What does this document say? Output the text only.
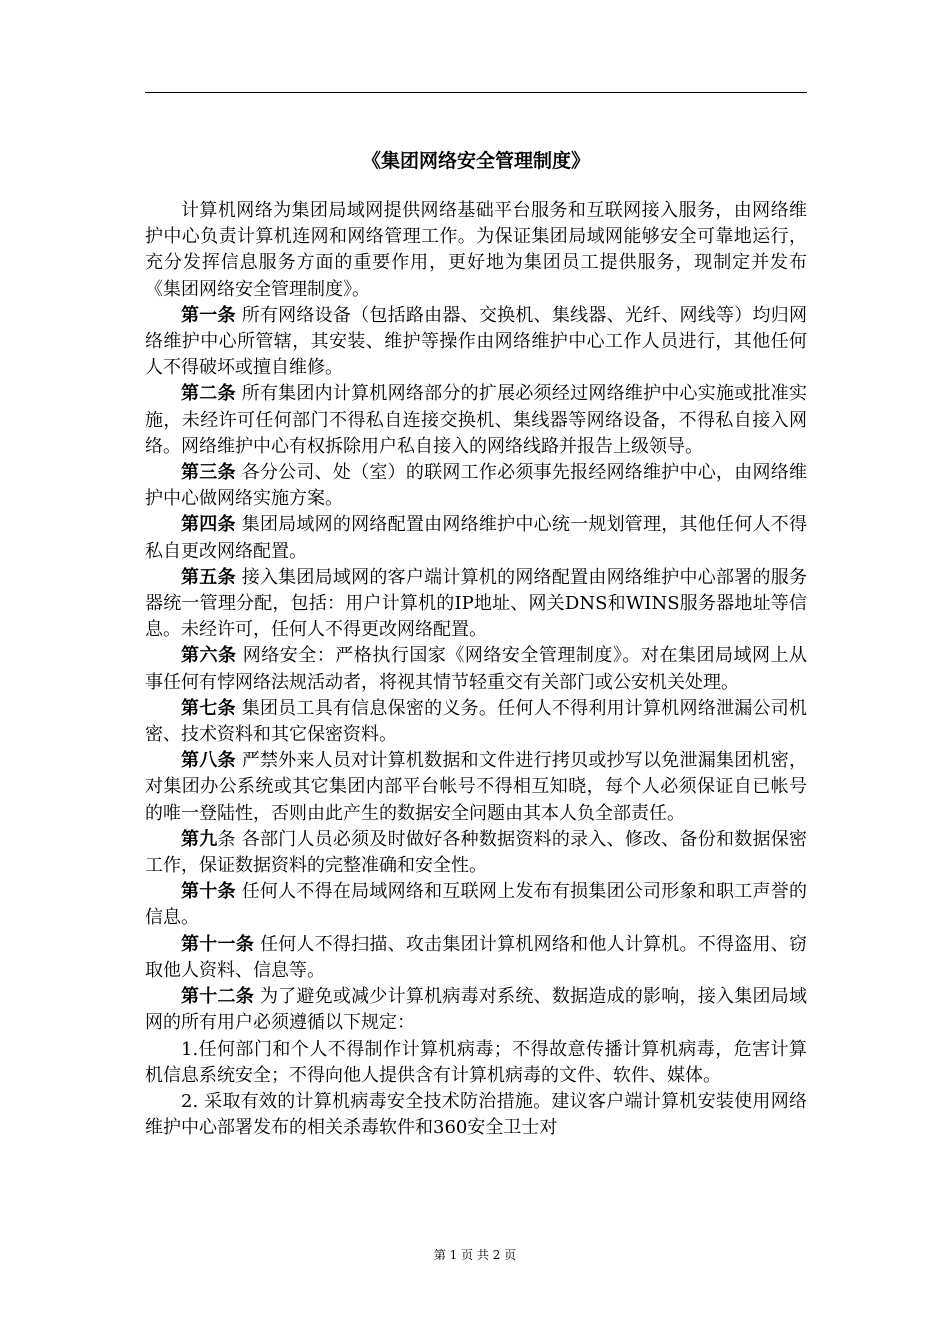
《集团网络安全管理制度》

计算机网络为集团局域网提供网络基础平台服务和互联网接入服务，由网络维护中心负责计算机连网和网络管理工作。为保证集团局域网能够安全可靠地运行，充分发挥信息服务方面的重要作用，更好地为集团员工提供服务，现制定并发布《集团网络安全管理制度》。

第一条 所有网络设备（包括路由器、交换机、集线器、光纤、网线等）均归网络维护中心所管辖，其安装、维护等操作由网络维护中心工作人员进行，其他任何人不得破坏或擅自维修。

第二条 所有集团内计算机网络部分的扩展必须经过网络维护中心实施或批准实施，未经许可任何部门不得私自连接交换机、集线器等网络设备，不得私自接入网络。网络维护中心有权拆除用户私自接入的网络线路并报告上级领导。

第三条 各分公司、处（室）的联网工作必须事先报经网络维护中心，由网络维护中心做网络实施方案。

第四条 集团局域网的网络配置由网络维护中心统一规划管理，其他任何人不得私自更改网络配置。

第五条 接入集团局域网的客户端计算机的网络配置由网络维护中心部署的服务器统一管理分配，包括：用户计算机的IP地址、网关DNS和WINS服务器地址等信息。未经许可，任何人不得更改网络配置。

第六条 网络安全：严格执行国家《网络安全管理制度》。对在集团局域网上从事任何有悖网络法规活动者，将视其情节轻重交有关部门或公安机关处理。

第七条 集团员工具有信息保密的义务。任何人不得利用计算机网络泄漏公司机密、技术资料和其它保密资料。

第八条 严禁外来人员对计算机数据和文件进行拷贝或抄写以免泄漏集团机密，对集团办公系统或其它集团内部平台帐号不得相互知晓，每个人必须保证自已帐号的唯一登陆性，否则由此产生的数据安全问题由其本人负全部责任。

第九条 各部门人员必须及时做好各种数据资料的录入、修改、备份和数据保密工作，保证数据资料的完整准确和安全性。

第十条 任何人不得在局域网络和互联网上发布有损集团公司形象和职工声誉的信息。

第十一条 任何人不得扫描、攻击集团计算机网络和他人计算机。不得盗用、窃取他人资料、信息等。

第十二条 为了避免或减少计算机病毒对系统、数据造成的影响，接入集团局域网的所有用户必须遵循以下规定：

1.任何部门和个人不得制作计算机病毒；不得故意传播计算机病毒，危害计算机信息系统安全；不得向他人提供含有计算机病毒的文件、软件、媒体。

2. 采取有效的计算机病毒安全技术防治措施。建议客户端计算机安装使用网络维护中心部署发布的相关杀毒软件和360安全卫士对

第 1 页 共 2 页
